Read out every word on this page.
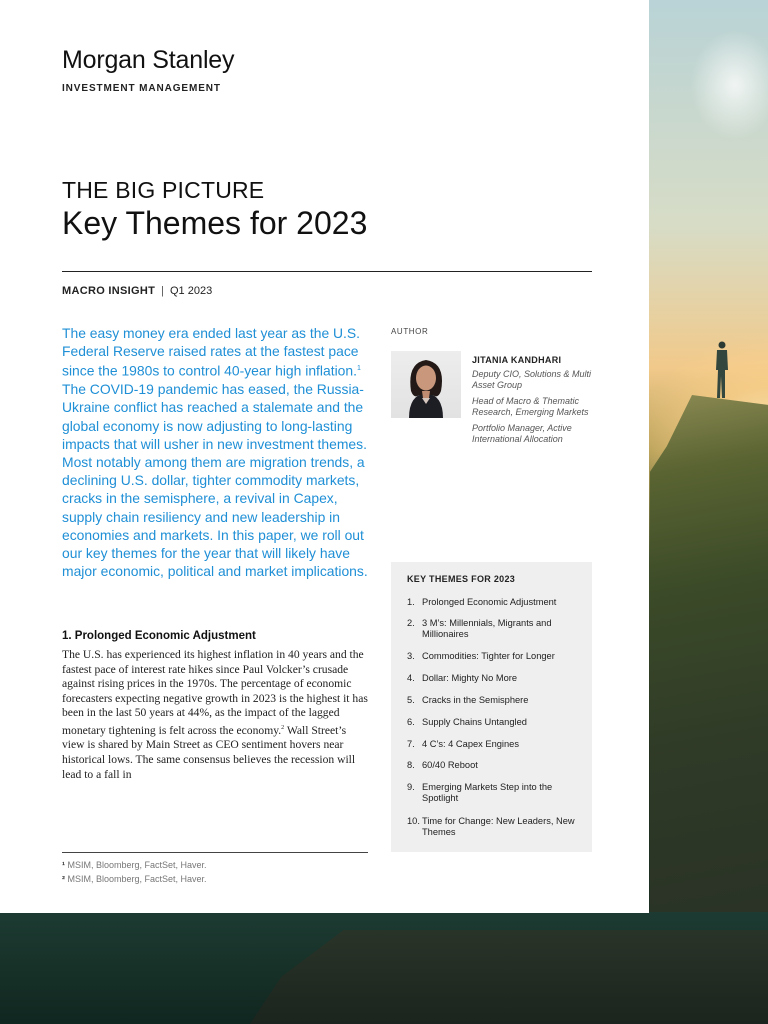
Morgan Stanley
INVESTMENT MANAGEMENT
THE BIG PICTURE
Key Themes for 2023
MACRO INSIGHT | Q1 2023
The easy money era ended last year as the U.S. Federal Reserve raised rates at the fastest pace since the 1980s to control 40-year high inflation.$^1$ The COVID-19 pandemic has eased, the Russia-Ukraine conflict has reached a stalemate and the global economy is now adjusting to long-lasting impacts that will usher in new investment themes. Most notably among them are migration trends, a declining U.S. dollar, tighter commodity markets, cracks in the semisphere, a revival in Capex, supply chain resiliency and new leadership in economies and markets. In this paper, we roll out our key themes for the year that will likely have major economic, political and market implications.
1. Prolonged Economic Adjustment
The U.S. has experienced its highest inflation in 40 years and the fastest pace of interest rate hikes since Paul Volcker’s crusade against rising prices in the 1970s. The percentage of economic forecasters expecting negative growth in 2023 is the highest it has been in the last 50 years at 44%, as the impact of the lagged monetary tightening is felt across the economy.$^2$ Wall Street’s view is shared by Main Street as CEO sentiment hovers near historical lows. The same consensus believes the recession will lead to a fall in
¹ MSIM, Bloomberg, FactSet, Haver.
² MSIM, Bloomberg, FactSet, Haver.
AUTHOR
JITANIA KANDHARI
Deputy CIO, Solutions & Multi Asset Group
Head of Macro & Thematic Research, Emerging Markets
Portfolio Manager, Active International Allocation
KEY THEMES FOR 2023
1. Prolonged Economic Adjustment
2. 3 M’s: Millennials, Migrants and Millionaires
3. Commodities: Tighter for Longer
4. Dollar: Mighty No More
5. Cracks in the Semisphere
6. Supply Chains Untangled
7. 4 C’s: 4 Capex Engines
8. 60/40 Reboot
9. Emerging Markets Step into the Spotlight
10. Time for Change: New Leaders, New Themes
